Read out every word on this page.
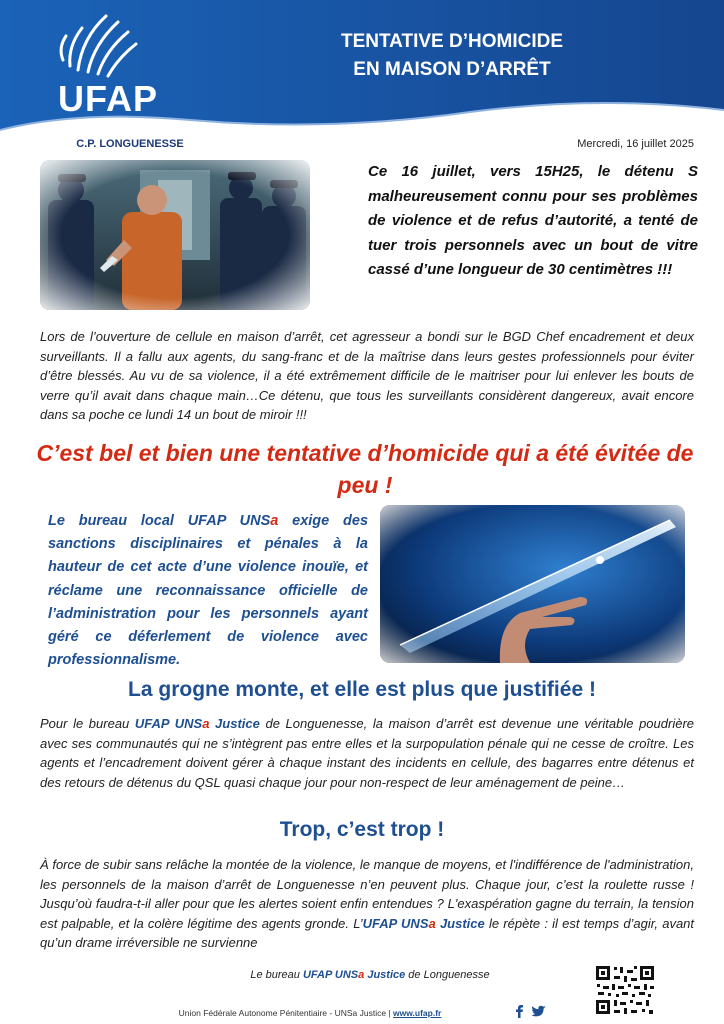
UFAP
UNSa Justice
TENTATIVE D’HOMICIDE
EN MAISON D’ARRÊT
C.P. LONGUENESSE	Mercredi, 16 juillet 2025
Ce 16 juillet, vers 15H25, le détenu S malheureusement connu pour ses problèmes de violence et de refus d’autorité, a tenté de tuer trois personnels avec un bout de vitre cassé d’une longueur de 30 centimètres !!!
Lors de l’ouverture de cellule en maison d’arrêt, cet agresseur a bondi sur le BGD Chef encadrement et deux surveillants. Il a fallu aux agents, du sang-franc et de la maîtrise dans leurs gestes professionnels pour éviter d’être blessés. Au vu de sa violence, il a été extrêmement difficile de le maitriser pour lui enlever les bouts de verre qu’il avait dans chaque main…Ce détenu, que tous les surveillants considèrent dangereux, avait encore dans sa poche ce lundi 14 un bout de miroir !!!
C’est bel et bien une tentative d’homicide qui a été évitée de peu !
Le bureau local UFAP UNSa exige des sanctions disciplinaires et pénales à la hauteur de cet acte d’une violence inouïe, et réclame une reconnaissance officielle de l’administration pour les personnels ayant géré ce déferlement de violence avec professionnalisme.
La grogne monte, et elle est plus que justifiée !
Pour le bureau UFAP UNSa Justice de Longuenesse, la maison d’arrêt est devenue une véritable poudrière avec ses communautés qui ne s’intègrent pas entre elles et la surpopulation pénale qui ne cesse de croître. Les agents et l’encadrement doivent gérer à chaque instant des incidents en cellule, des bagarres entre détenus et des retours de détenus du QSL quasi chaque jour pour non-respect de leur aménagement de peine…
Trop, c’est trop !
À force de subir sans relâche la montée de la violence, le manque de moyens, et l'indifférence de l'administration, les personnels de la maison d’arrêt de Longuenesse n’en peuvent plus. Chaque jour, c’est la roulette russe ! Jusqu’où faudra-t-il aller pour que les alertes soient enfin entendues ? L'exaspération gagne du terrain, la tension est palpable, et la colère légitime des agents gronde. L’UFAP UNSa Justice le répète : il est temps d’agir, avant qu’un drame irréversible ne survienne
Le bureau UFAP UNSa Justice de Longuenesse
Union Fédérale Autonome Pénitentiaire - UNSa Justice | www.ufap.fr
